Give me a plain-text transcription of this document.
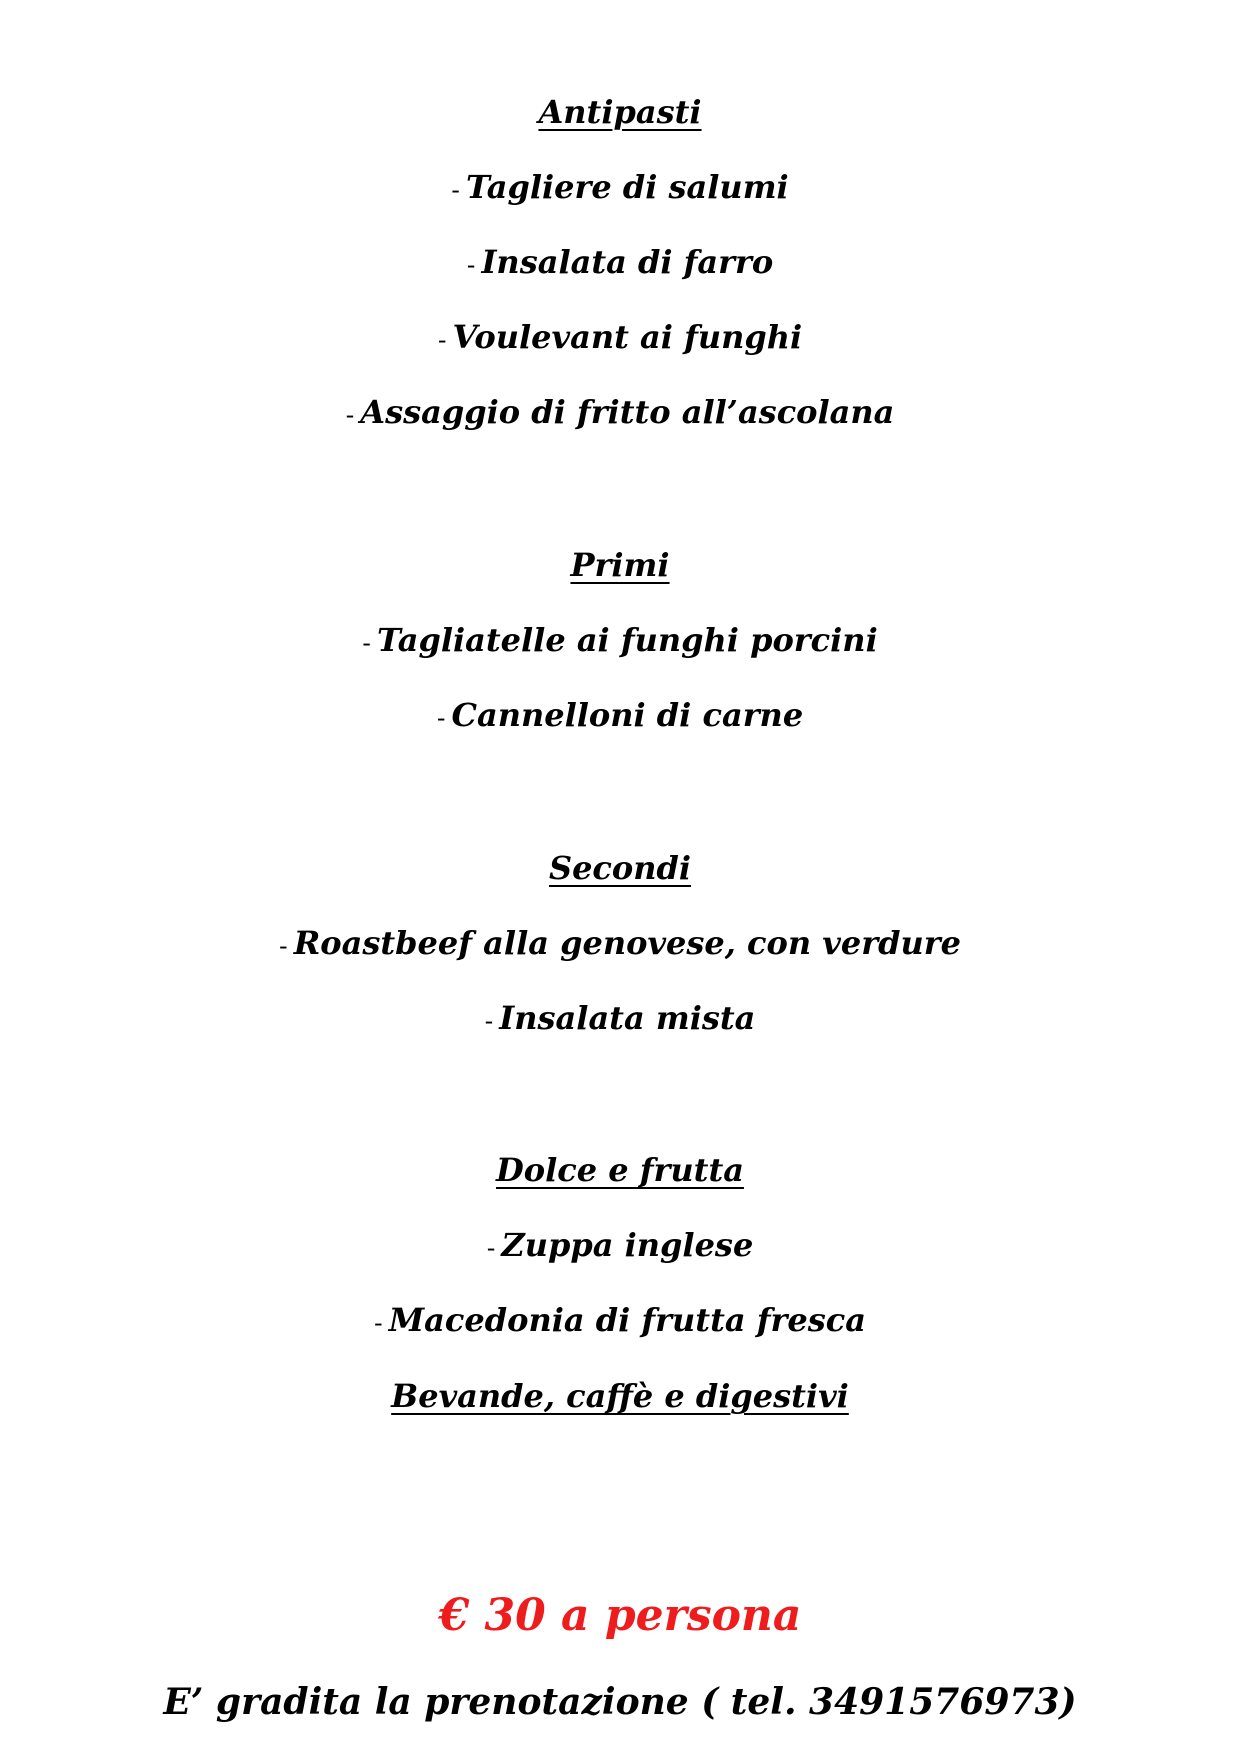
Antipasti
- Tagliere di salumi
- Insalata di farro
- Voulevant ai funghi
- Assaggio di fritto all’ascolana
Primi
- Tagliatelle ai funghi porcini
- Cannelloni di carne
Secondi
- Roastbeef alla genovese, con verdure
- Insalata mista
Dolce e frutta
- Zuppa inglese
- Macedonia di frutta fresca
Bevande, caffè e digestivi
€ 30 a persona
E’ gradita la prenotazione ( tel. 3491576973)
